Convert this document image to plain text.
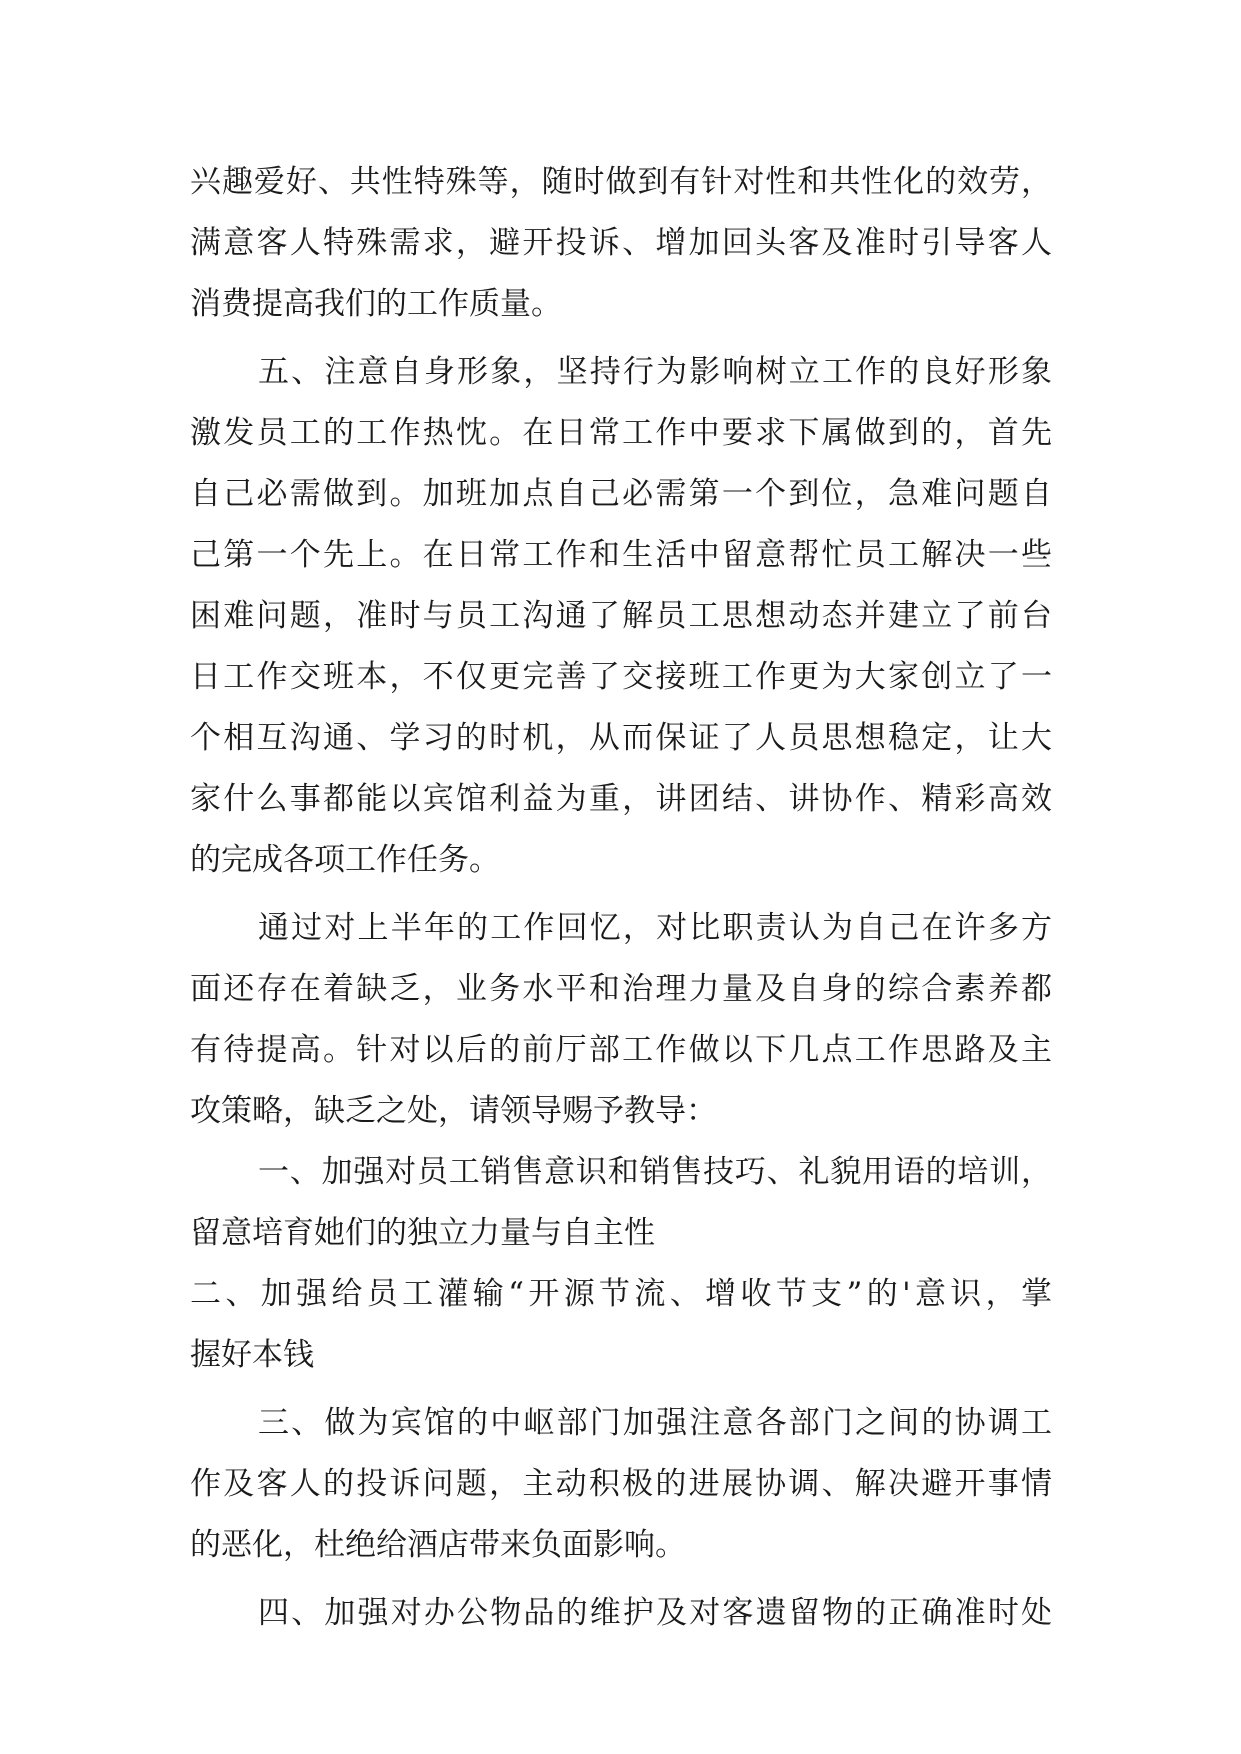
兴趣爱好、共性特殊等，随时做到有针对性和共性化的效劳，
满意客人特殊需求，避开投诉、增加回头客及准时引导客人
消费提高我们的工作质量。
五、注意自身形象，坚持行为影响树立工作的良好形象
激发员工的工作热忱。在日常工作中要求下属做到的，首先
自己必需做到。加班加点自己必需第一个到位，急难问题自
己第一个先上。在日常工作和生活中留意帮忙员工解决一些
困难问题，准时与员工沟通了解员工思想动态并建立了前台
日工作交班本，不仅更完善了交接班工作更为大家创立了一
个相互沟通、学习的时机，从而保证了人员思想稳定，让大
家什么事都能以宾馆利益为重，讲团结、讲协作、精彩高效
的完成各项工作任务。
通过对上半年的工作回忆，对比职责认为自己在许多方
面还存在着缺乏，业务水平和治理力量及自身的综合素养都
有待提高。针对以后的前厅部工作做以下几点工作思路及主
攻策略，缺乏之处，请领导赐予教导：
一、加强对员工销售意识和销售技巧、礼貌用语的培训，
留意培育她们的独立力量与自主性
二、加强给员工灌输“开源节流、增收节支”的'意识，掌
握好本钱
三、做为宾馆的中岖部门加强注意各部门之间的协调工
作及客人的投诉问题，主动积极的进展协调、解决避开事情
的恶化，杜绝给酒店带来负面影响。
四、加强对办公物品的维护及对客遗留物的正确准时处
